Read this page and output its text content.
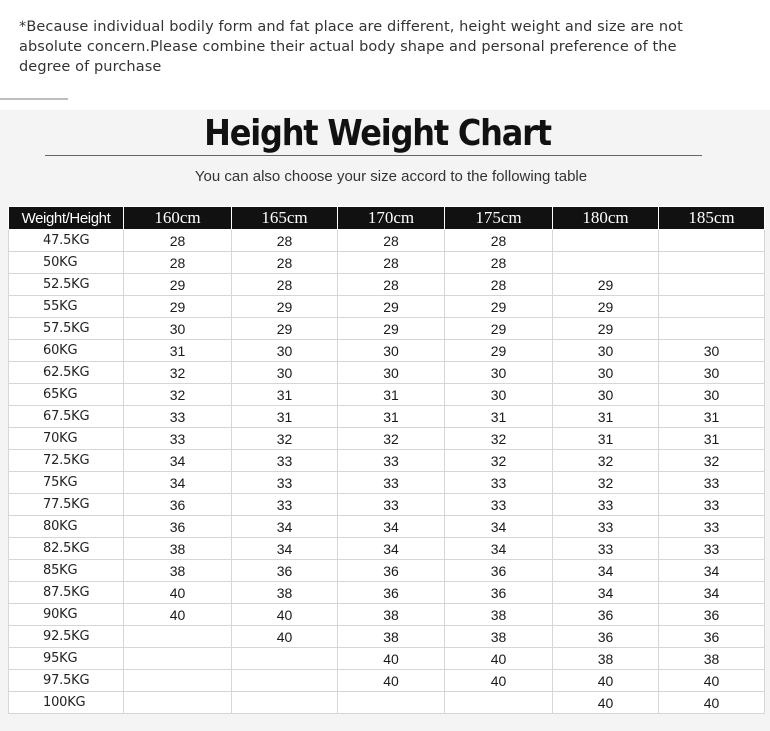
*Because individual bodily form and fat place are different, height weight and size are not absolute concern.Please combine their actual body shape and personal preference of the degree of purchase
Height Weight Chart
You can also choose your size accord to the following table
Weight/Height	160cm	165cm	170cm	175cm	180cm	185cm
47.5KG	28	28	28	28		
50KG	28	28	28	28		
52.5KG	29	28	28	28	29	
55KG	29	29	29	29	29	
57.5KG	30	29	29	29	29	
60KG	31	30	30	29	30	30
62.5KG	32	30	30	30	30	30
65KG	32	31	31	30	30	30
67.5KG	33	31	31	31	31	31
70KG	33	32	32	32	31	31
72.5KG	34	33	33	32	32	32
75KG	34	33	33	33	32	33
77.5KG	36	33	33	33	33	33
80KG	36	34	34	34	33	33
82.5KG	38	34	34	34	33	33
85KG	38	36	36	36	34	34
87.5KG	40	38	36	36	34	34
90KG	40	40	38	38	36	36
92.5KG		40	38	38	36	36
95KG			40	40	38	38
97.5KG			40	40	40	40
100KG					40	40
